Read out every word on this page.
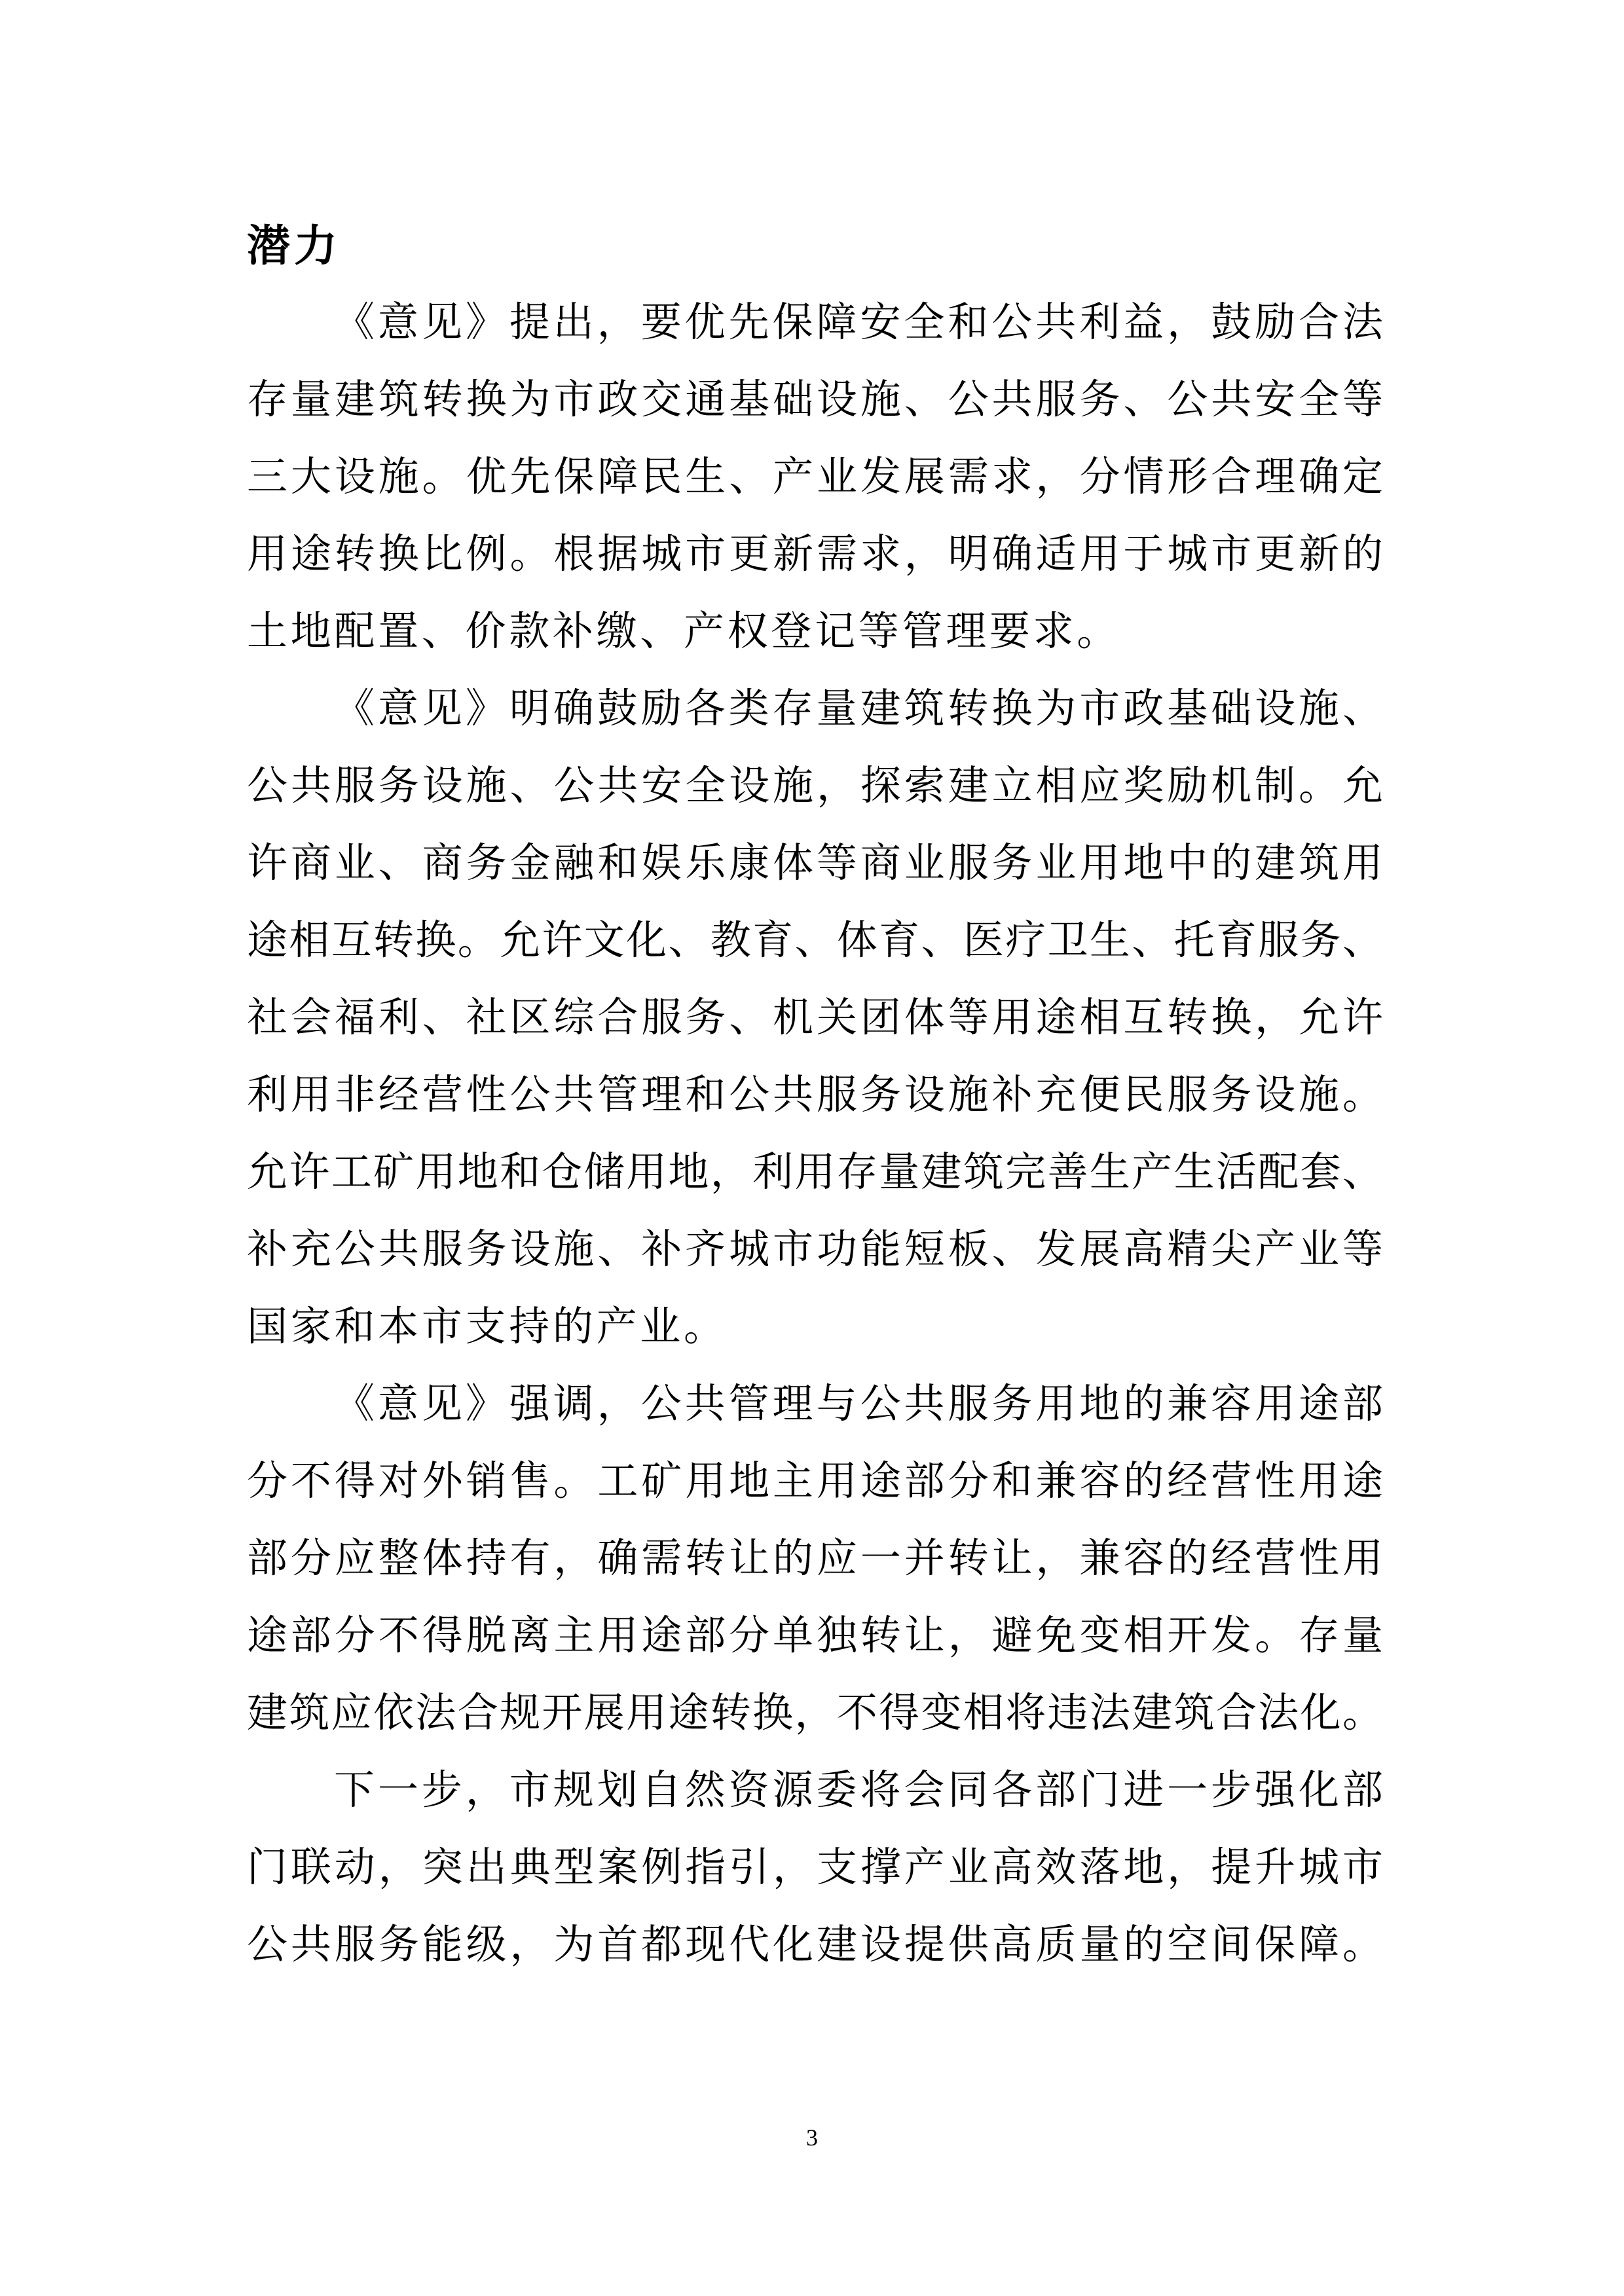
潜力
《意见》提出，要优先保障安全和公共利益，鼓励合法
存量建筑转换为市政交通基础设施、公共服务、公共安全等
三大设施。优先保障民生、产业发展需求，分情形合理确定
用途转换比例。根据城市更新需求，明确适用于城市更新的
土地配置、价款补缴、产权登记等管理要求。
《意见》明确鼓励各类存量建筑转换为市政基础设施、
公共服务设施、公共安全设施，探索建立相应奖励机制。允
许商业、商务金融和娱乐康体等商业服务业用地中的建筑用
途相互转换。允许文化、教育、体育、医疗卫生、托育服务、
社会福利、社区综合服务、机关团体等用途相互转换，允许
利用非经营性公共管理和公共服务设施补充便民服务设施。
允许工矿用地和仓储用地，利用存量建筑完善生产生活配套、
补充公共服务设施、补齐城市功能短板、发展高精尖产业等
国家和本市支持的产业。
《意见》强调，公共管理与公共服务用地的兼容用途部
分不得对外销售。工矿用地主用途部分和兼容的经营性用途
部分应整体持有，确需转让的应一并转让，兼容的经营性用
途部分不得脱离主用途部分单独转让，避免变相开发。存量
建筑应依法合规开展用途转换，不得变相将违法建筑合法化。
下一步，市规划自然资源委将会同各部门进一步强化部
门联动，突出典型案例指引，支撑产业高效落地，提升城市
公共服务能级，为首都现代化建设提供高质量的空间保障。
3
